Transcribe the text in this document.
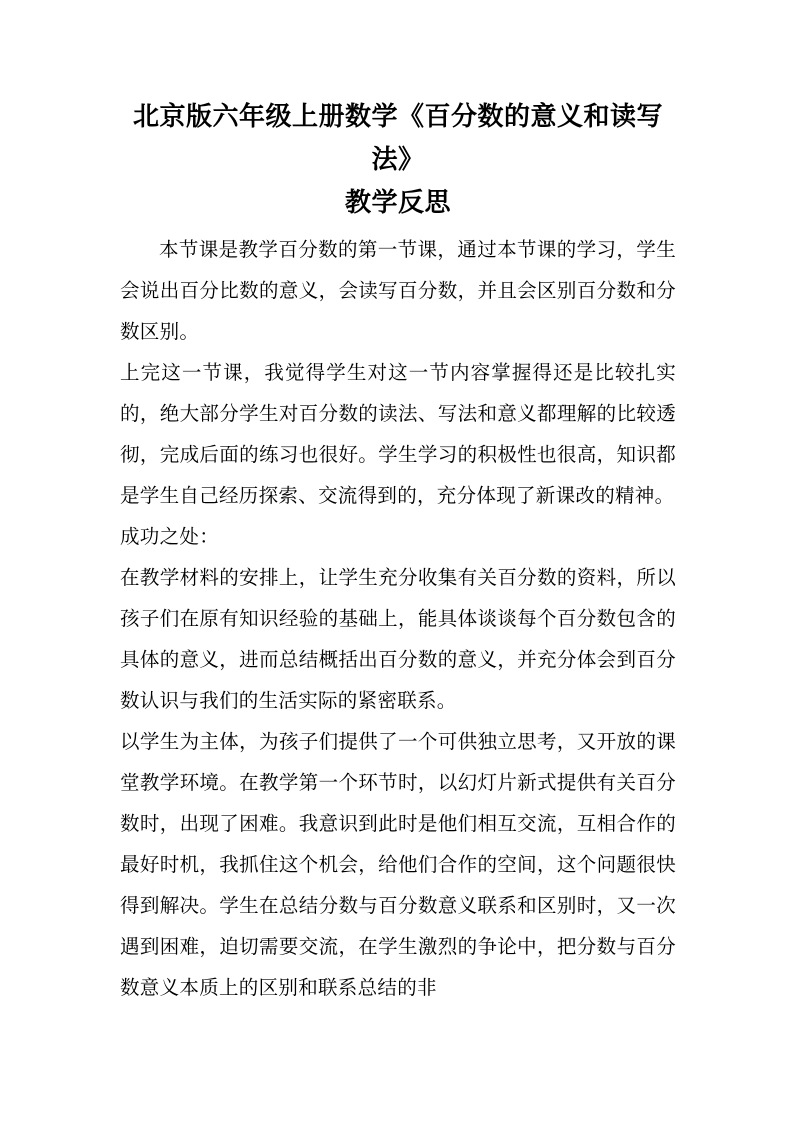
北京版六年级上册数学《百分数的意义和读写法》
教学反思

本节课是教学百分数的第一节课，通过本节课的学习，学生会说出百分比数的意义，会读写百分数，并且会区别百分数和分数区别。

上完这一节课，我觉得学生对这一节内容掌握得还是比较扎实的，绝大部分学生对百分数的读法、写法和意义都理解的比较透彻，完成后面的练习也很好。学生学习的积极性也很高，知识都是学生自己经历探索、交流得到的，充分体现了新课改的精神。

成功之处：

在教学材料的安排上，让学生充分收集有关百分数的资料，所以孩子们在原有知识经验的基础上，能具体谈谈每个百分数包含的具体的意义，进而总结概括出百分数的意义，并充分体会到百分数认识与我们的生活实际的紧密联系。

以学生为主体，为孩子们提供了一个可供独立思考，又开放的课堂教学环境。在教学第一个环节时，以幻灯片新式提供有关百分数时，出现了困难。我意识到此时是他们相互交流，互相合作的最好时机，我抓住这个机会，给他们合作的空间，这个问题很快得到解决。学生在总结分数与百分数意义联系和区别时，又一次遇到困难，迫切需要交流，在学生激烈的争论中，把分数与百分数意义本质上的区别和联系总结的非
